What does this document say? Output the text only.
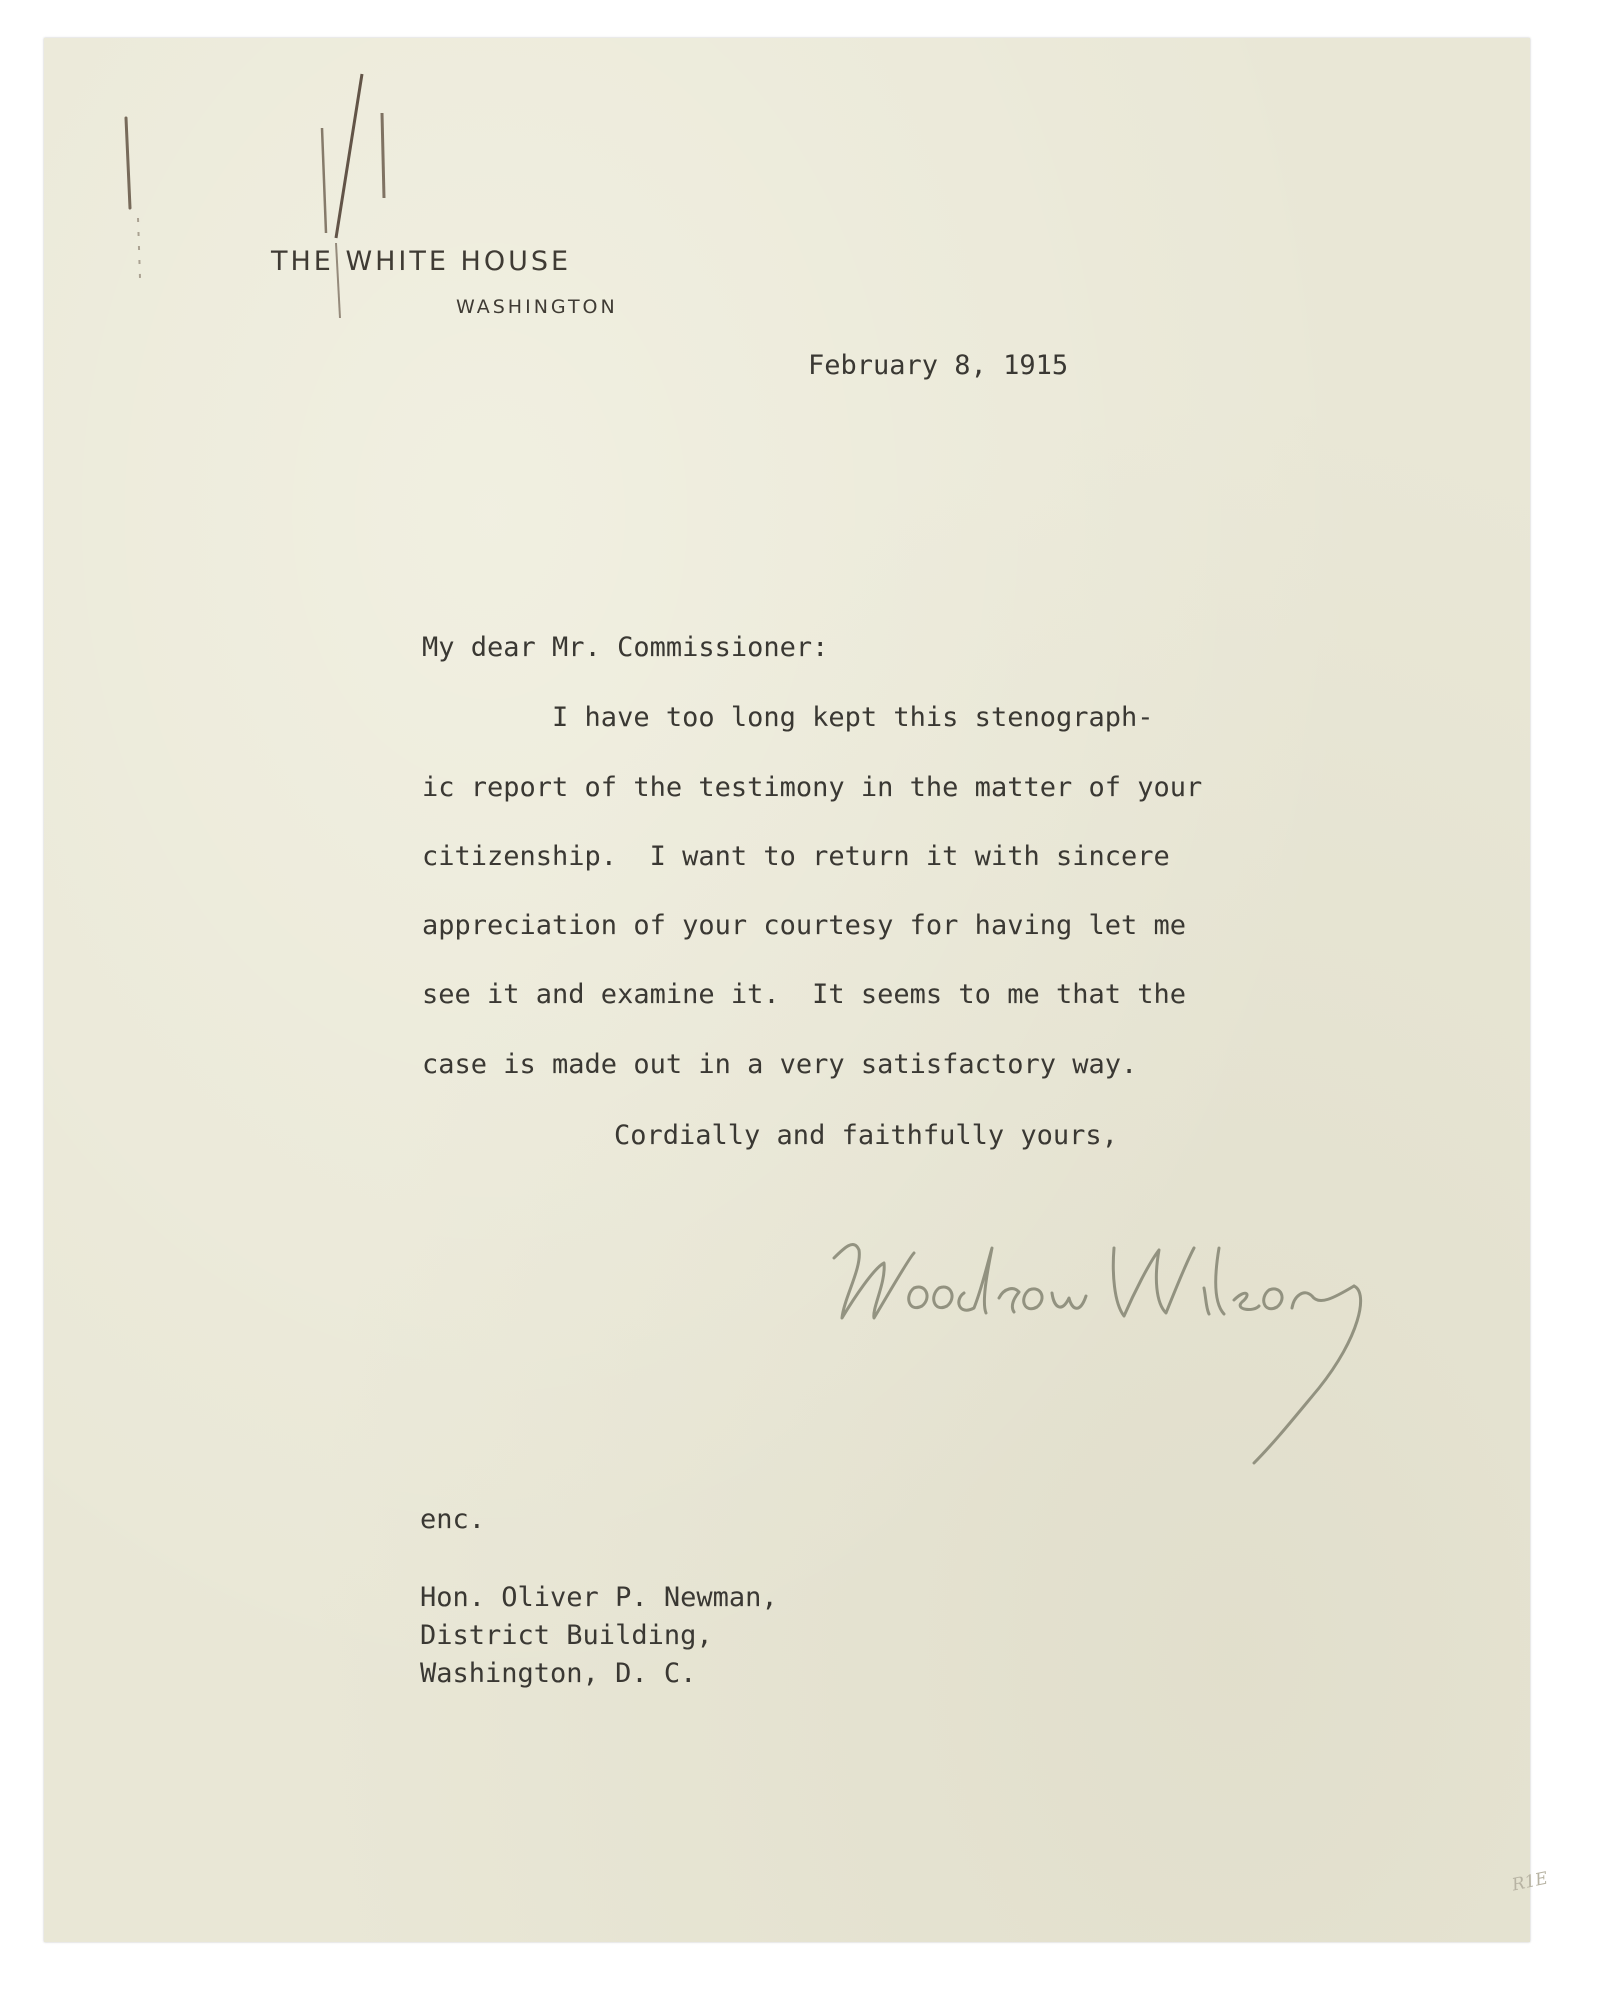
THE WHITE HOUSE
WASHINGTON
February 8, 1915
My dear Mr. Commissioner:
I have too long kept this stenograph-
ic report of the testimony in the matter of your
citizenship.  I want to return it with sincere
appreciation of your courtesy for having let me
see it and examine it.  It seems to me that the
case is made out in a very satisfactory way.
Cordially and faithfully yours,
enc.
Hon. Oliver P. Newman,
District Building,
Washington, D. C.
R1E
